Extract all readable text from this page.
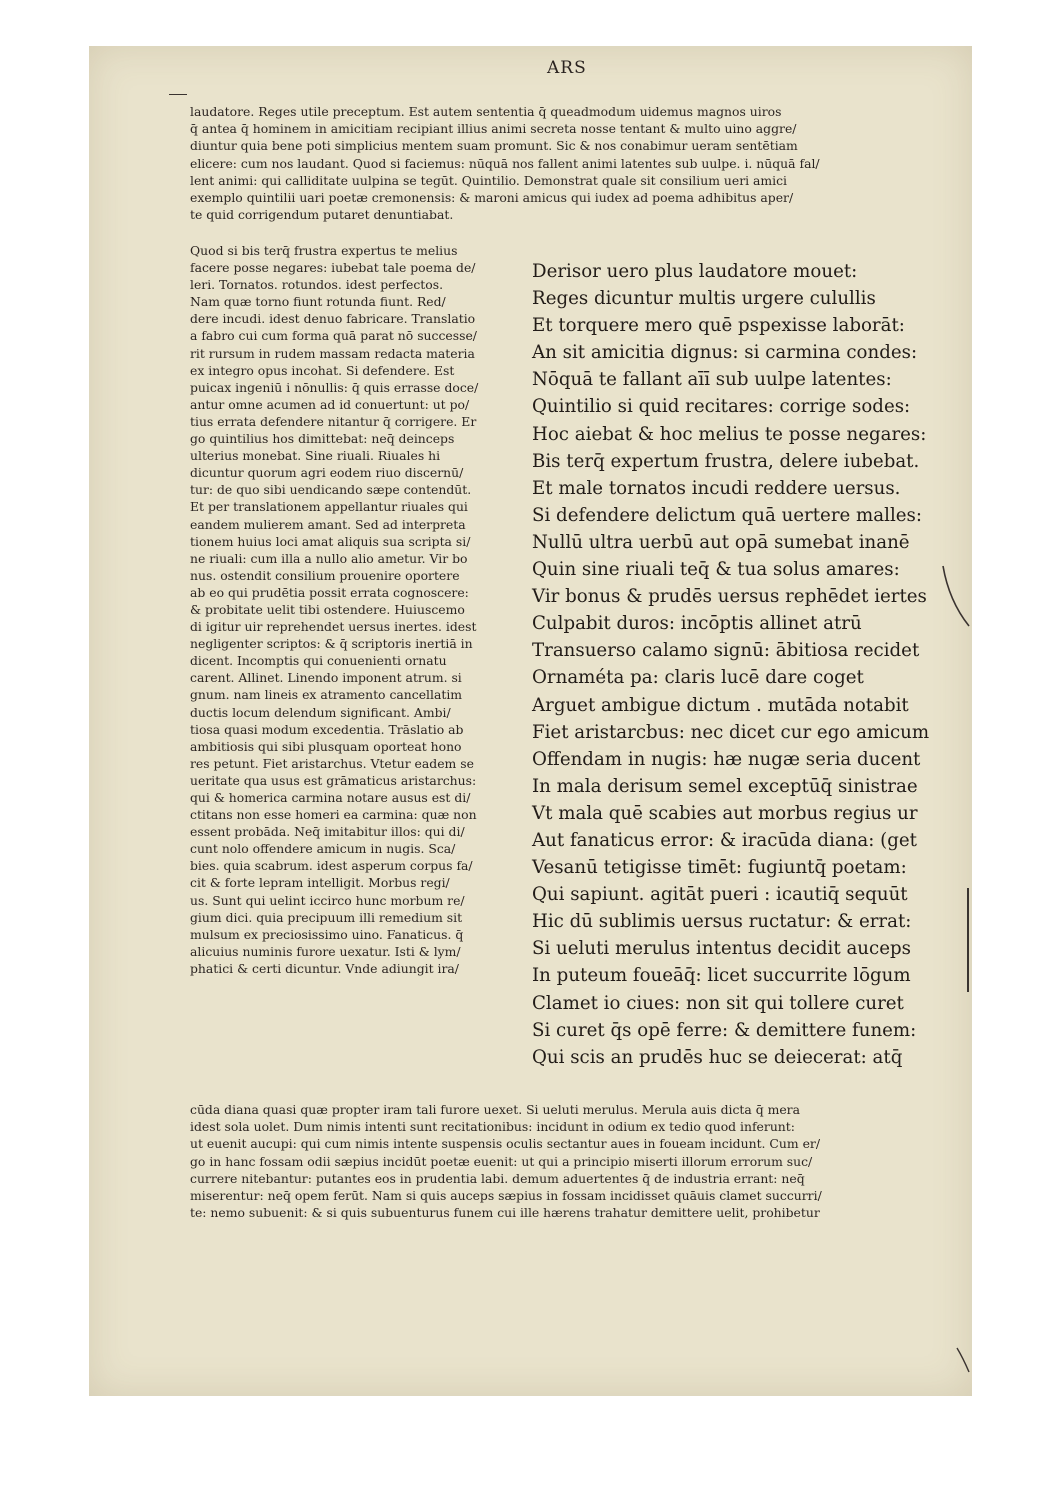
ARS
laudatore. Reges utile preceptum. Est autem sententia q̄ queadmodum uidemus magnos uiros
q̄ antea q̄ hominem in amicitiam recipiant illius animi secreta nosse tentant & multo uino aggre/
diuntur quia bene poti simplicius mentem suam promunt. Sic & nos conabimur ueram sentētiam
elicere: cum nos laudant. Quod si faciemus: nūquā nos fallent animi latentes sub uulpe. i. nūquā fal/
lent animi: qui calliditate uulpina se tegūt. Quintilio. Demonstrat quale sit consilium ueri amici
exemplo quintilii uari poetæ cremonensis: & maroni amicus qui iudex ad poema adhibitus aper/
te quid corrigendum putaret denuntiabat.
Quod si bis terq̄ frustra expertus te melius
facere posse negares: iubebat tale poema de/
leri. Tornatos. rotundos. idest perfectos.
Nam quæ torno fiunt rotunda fiunt. Red/
dere incudi. idest denuo fabricare. Translatio
a fabro cui cum forma quā parat nō successe/
rit rursum in rudem massam redacta materia
ex integro opus incohat. Si defendere. Est
puicax ingeniū i nōnullis: q̄ quis errasse doce/
antur omne acumen ad id conuertunt: ut po/
tius errata defendere nitantur q̄ corrigere. Er
go quintilius hos dimittebat: neq̄ deinceps
ulterius monebat. Sine riuali. Riuales hi
dicuntur quorum agri eodem riuo discernū/
tur: de quo sibi uendicando sæpe contendūt.
Et per translationem appellantur riuales qui
eandem mulierem amant. Sed ad interpreta
tionem huius loci amat aliquis sua scripta si/
ne riuali: cum illa a nullo alio ametur. Vir bo
nus. ostendit consilium prouenire oportere
ab eo qui prudētia possit errata cognoscere:
& probitate uelit tibi ostendere. Huiuscemo
di igitur uir reprehendet uersus inertes. idest
negligenter scriptos: & q̄ scriptoris inertiā in
dicent. Incomptis qui conuenienti ornatu
carent. Allinet. Linendo imponent atrum. si
gnum. nam lineis ex atramento cancellatim
ductis locum delendum significant. Ambi/
tiosa quasi modum excedentia. Trāslatio ab
ambitiosis qui sibi plusquam oporteat hono
res petunt. Fiet aristarchus. Vtetur eadem se
ueritate qua usus est grāmaticus aristarchus:
qui & homerica carmina notare ausus est di/
ctitans non esse homeri ea carmina: quæ non
essent probāda. Neq̄ imitabitur illos: qui di/
cunt nolo offendere amicum in nugis. Sca/
bies. quia scabrum. idest asperum corpus fa/
cit & forte lepram intelligit. Morbus regi/
us. Sunt qui uelint iccirco hunc morbum re/
gium dici. quia precipuum illi remedium sit
mulsum ex preciosissimo uino. Fanaticus. q̄
alicuius numinis furore uexatur. Isti & lym/
phatici & certi dicuntur. Vnde adiungit ira/
Derisor uero plus laudatore mouet:
Reges dicuntur multis urgere culullis
Et torquere mero quē pspexisse laborāt:
An sit amicitia dignus: si carmina condes:
Nōquā te fallant aīī sub uulpe latentes:
Quintilio si quid recitares: corrige sodes:
Hoc aiebat & hoc melius te posse negares:
Bis terq̄ expertum frustra, delere iubebat.
Et male tornatos incudi reddere uersus.
Si defendere delictum quā uertere malles:
Nullū ultra uerbū aut opā sumebat inanē
Quin sine riuali teq̄ & tua solus amares:
Vir bonus & prudēs uersus rephēdet iertes
Culpabit duros: incōptis allinet atrū
Transuerso calamo signū: ābitiosa recidet
Ornaméta pa: claris lucē dare coget
Arguet ambigue dictum . mutāda notabit
Fiet aristarcbus: nec dicet cur ego amicum
Offendam in nugis: hæ nugæ seria ducent
In mala derisum semel exceptūq̄ sinistrae
Vt mala quē scabies aut morbus regius ur
Aut fanaticus error: & iracūda diana: (get
Vesanū tetigisse timēt: fugiuntq̄ poetam:
Qui sapiunt. agitāt pueri : icautiq̄ sequūt
Hic dū sublimis uersus ructatur: & errat:
Si ueluti merulus intentus decidit auceps
In puteum foueāq̄: licet succurrite lōgum
Clamet io ciues: non sit qui tollere curet
Si curet q̄s opē ferre: & demittere funem:
Qui scis an prudēs huc se deiecerat: atq̄
cūda diana quasi quæ propter iram tali furore uexet. Si ueluti merulus. Merula auis dicta q̄ mera
idest sola uolet. Dum nimis intenti sunt recitationibus: incidunt in odium ex tedio quod inferunt:
ut euenit aucupi: qui cum nimis intente suspensis oculis sectantur aues in foueam incidunt. Cum er/
go in hanc fossam odii sæpius incidūt poetæ euenit: ut qui a principio miserti illorum errorum suc/
currere nitebantur: putantes eos in prudentia labi. demum aduertentes q̄ de industria errant: neq̄
miserentur: neq̄ opem ferūt. Nam si quis auceps sæpius in fossam incidisset quāuis clamet succurri/
te: nemo subuenit: & si quis subuenturus funem cui ille hærens trahatur demittere uelit, prohibetur
